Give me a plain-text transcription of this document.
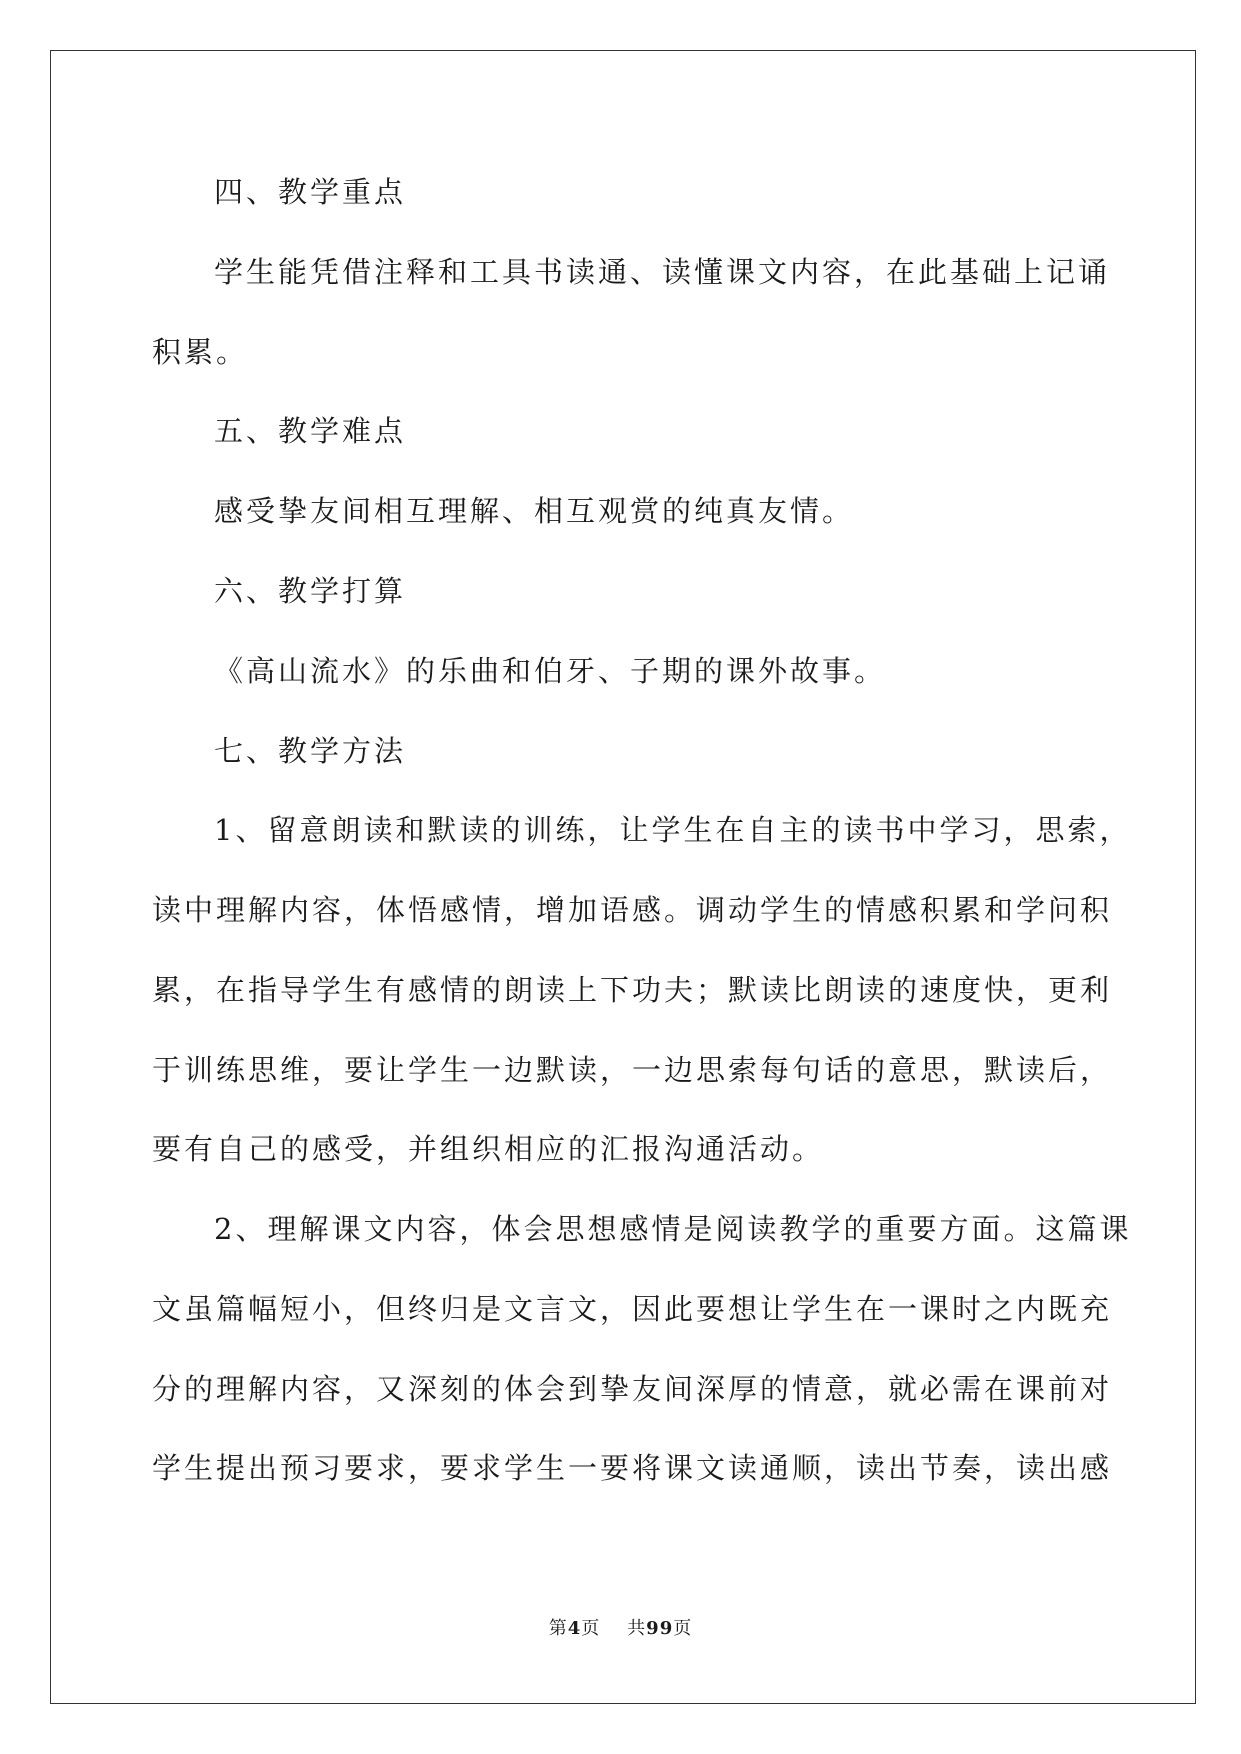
四、教学重点
学生能凭借注释和工具书读通、读懂课文内容，在此基础上记诵
积累。
五、教学难点
感受挚友间相互理解、相互观赏的纯真友情。
六、教学打算
《高山流水》的乐曲和伯牙、子期的课外故事。
七、教学方法
1、留意朗读和默读的训练，让学生在自主的读书中学习，思索，
读中理解内容，体悟感情，增加语感。调动学生的情感积累和学问积
累，在指导学生有感情的朗读上下功夫；默读比朗读的速度快，更利
于训练思维，要让学生一边默读，一边思索每句话的意思，默读后，
要有自己的感受，并组织相应的汇报沟通活动。
2、理解课文内容，体会思想感情是阅读教学的重要方面。这篇课
文虽篇幅短小，但终归是文言文，因此要想让学生在一课时之内既充
分的理解内容，又深刻的体会到挚友间深厚的情意，就必需在课前对
学生提出预习要求，要求学生一要将课文读通顺，读出节奏，读出感
第4页 共99页
